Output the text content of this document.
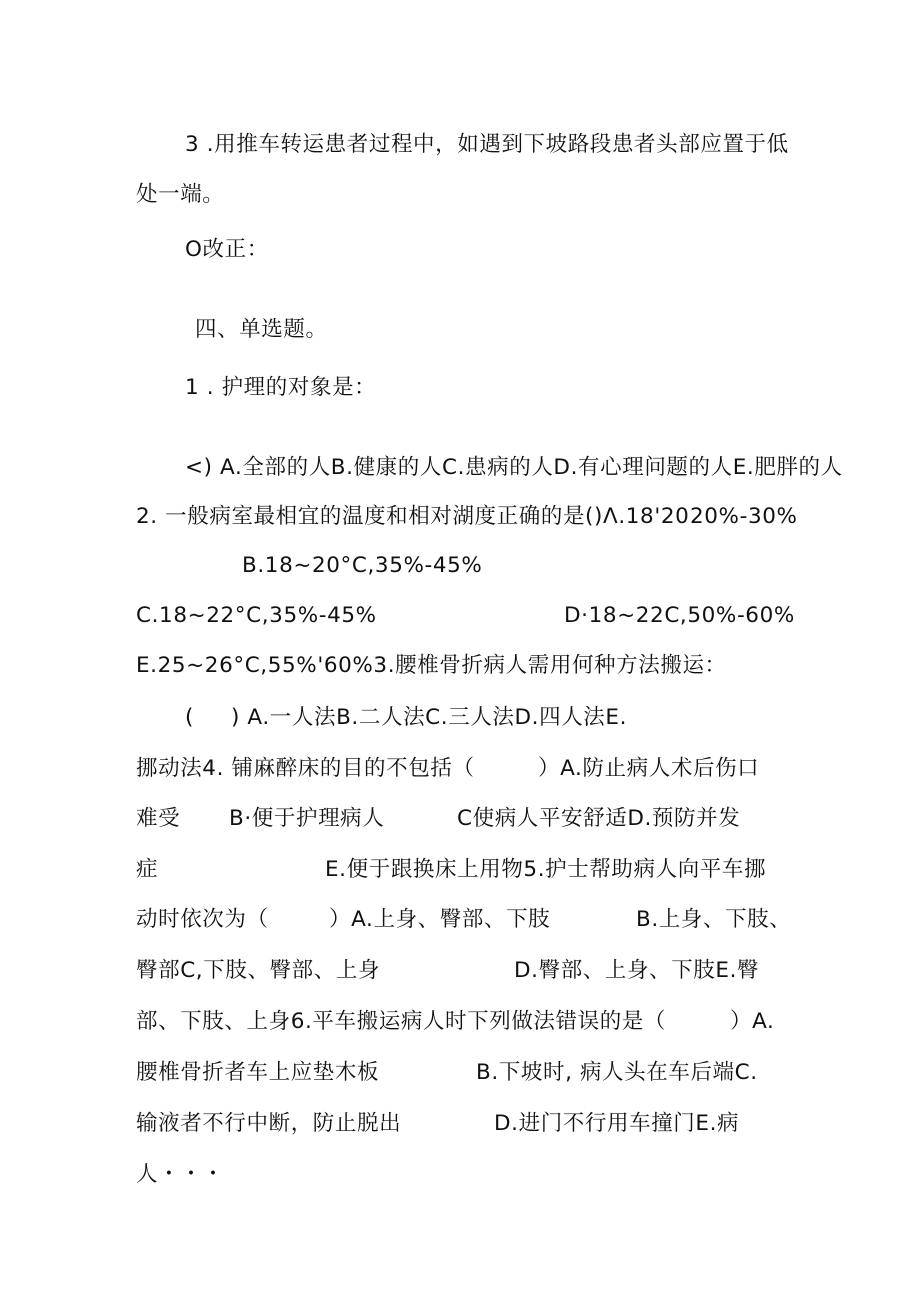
3 .用推车转运患者过程中，如遇到下坡路段患者头部应置于低
处一端。
O改正：
四、单选题。
1 . 护理的对象是：
<) A.全部的人B.健康的人C.患病的人D.有心理问题的人E.肥胖的人
2. 一般病室最相宜的温度和相对湖度正确的是()Λ.18'20 20%-30%
B.18~20°C,35%-45%
C.18~22°C,35%-45%	D·18~22C,50%-60%
E.25~26°C,55%'60%3.腰椎骨折病人需用何种方法搬运：
( ) A.一人法B.二人法C.三人法D.四人法E.
挪动法4. 铺麻醉床的目的不包括（	）A.防止病人术后伤口
难受 B·便于护理病人	C使病人平安舒适D.预防并发
症	E.便于跟换床上用物5.护士帮助病人向平车挪
动时依次为（	）A.上身、臀部、下肢	B.上身、下肢、
臀部C,下肢、臀部、上身	D.臀部、上身、下肢E.臀
部、下肢、上身6.平车搬运病人时下列做法错误的是（	）A.
腰椎骨折者车上应垫木板	B.下坡时, 病人头在车后端C.
输液者不行中断，防止脱出	D.进门不行用车撞门E.病
人・・・
